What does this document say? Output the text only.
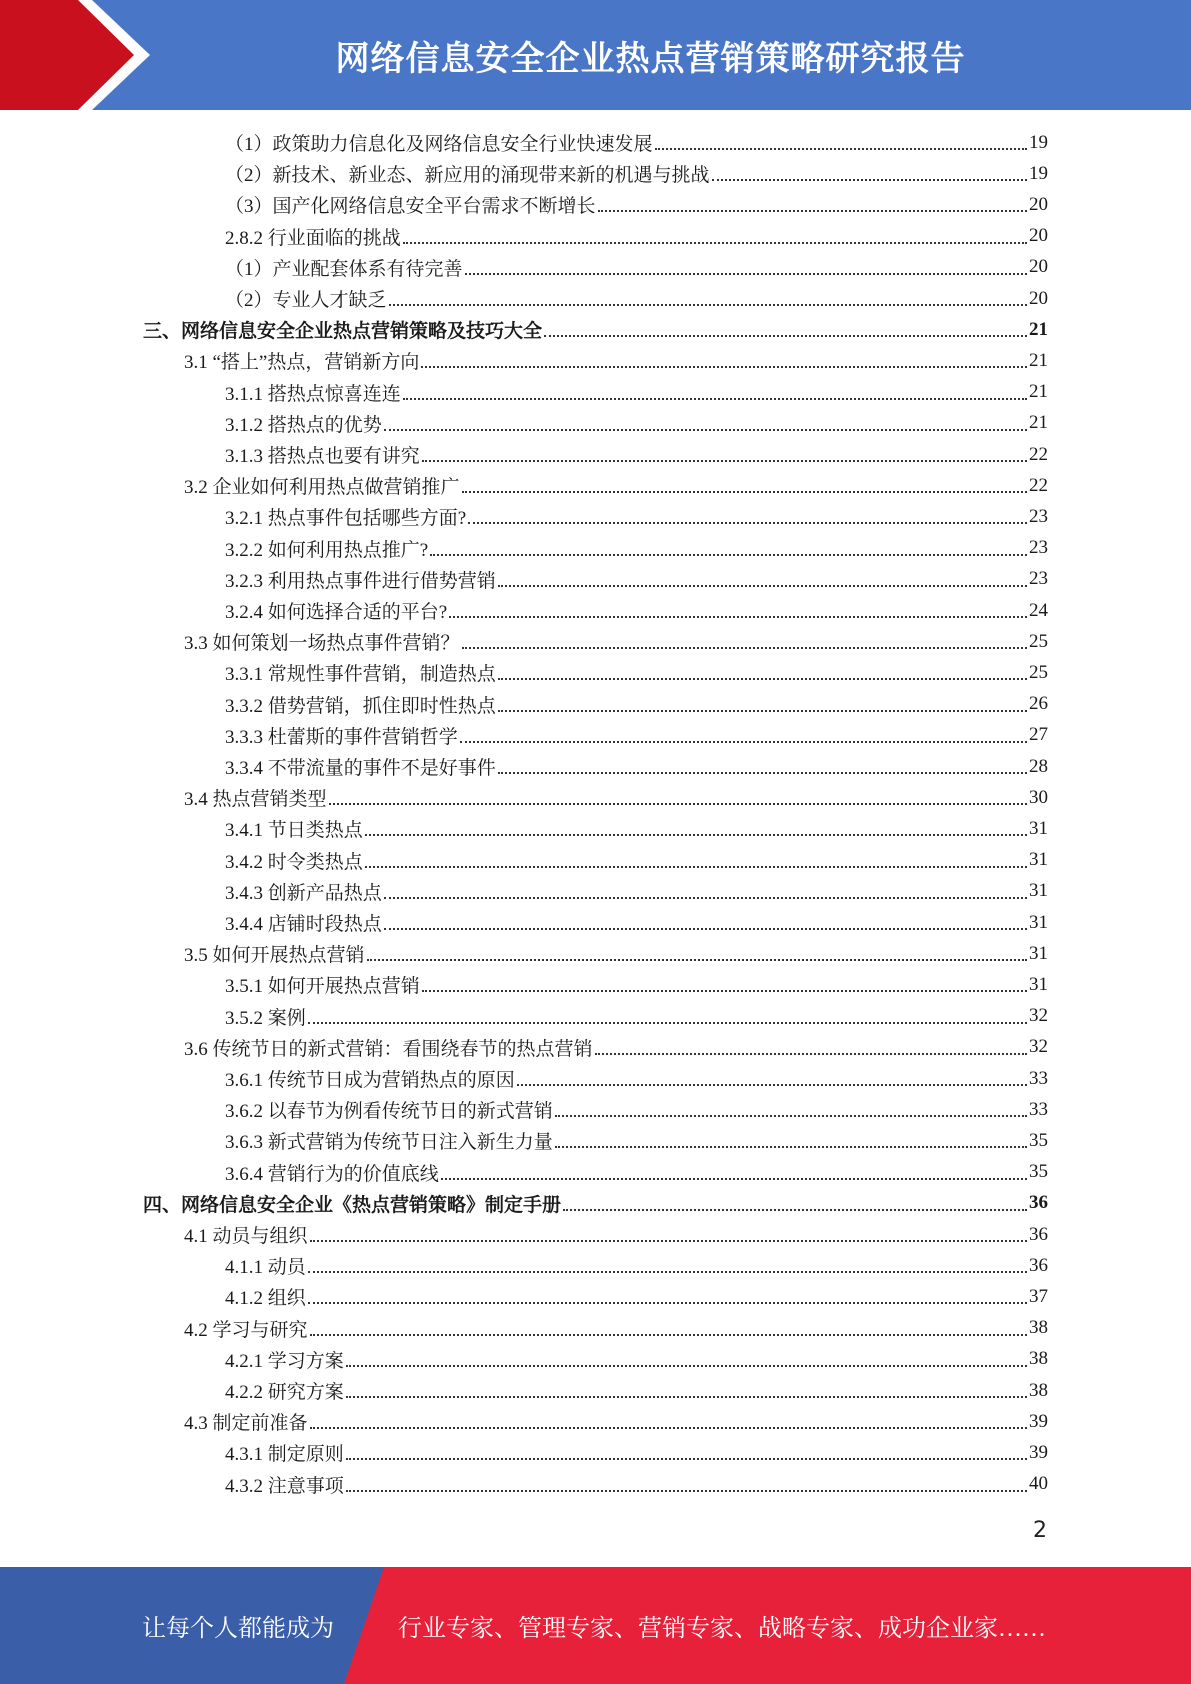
网络信息安全企业热点营销策略研究报告
（1）政策助力信息化及网络信息安全行业快速发展	19
（2）新技术、新业态、新应用的涌现带来新的机遇与挑战	19
（3）国产化网络信息安全平台需求不断增长	20
2.8.2 行业面临的挑战	20
（1）产业配套体系有待完善	20
（2）专业人才缺乏	20
三、网络信息安全企业热点营销策略及技巧大全	21
3.1 “搭上”热点，营销新方向	21
3.1.1 搭热点惊喜连连	21
3.1.2 搭热点的优势	21
3.1.3 搭热点也要有讲究	22
3.2 企业如何利用热点做营销推广	22
3.2.1 热点事件包括哪些方面?	23
3.2.2 如何利用热点推广?	23
3.2.3 利用热点事件进行借势营销	23
3.2.4 如何选择合适的平台?	24
3.3 如何策划一场热点事件营销？	25
3.3.1 常规性事件营销，制造热点	25
3.3.2 借势营销，抓住即时性热点	26
3.3.3 杜蕾斯的事件营销哲学	27
3.3.4 不带流量的事件不是好事件	28
3.4 热点营销类型	30
3.4.1 节日类热点	31
3.4.2 时令类热点	31
3.4.3 创新产品热点	31
3.4.4 店铺时段热点	31
3.5 如何开展热点营销	31
3.5.1 如何开展热点营销	31
3.5.2 案例	32
3.6 传统节日的新式营销：看围绕春节的热点营销	32
3.6.1 传统节日成为营销热点的原因	33
3.6.2 以春节为例看传统节日的新式营销	33
3.6.3 新式营销为传统节日注入新生力量	35
3.6.4 营销行为的价值底线	35
四、网络信息安全企业《热点营销策略》制定手册	36
4.1 动员与组织	36
4.1.1 动员	36
4.1.2 组织	37
4.2 学习与研究	38
4.2.1 学习方案	38
4.2.2 研究方案	38
4.3 制定前准备	39
4.3.1 制定原则	39
4.3.2 注意事项	40
2
让每个人都能成为	行业专家、管理专家、营销专家、战略专家、成功企业家……
